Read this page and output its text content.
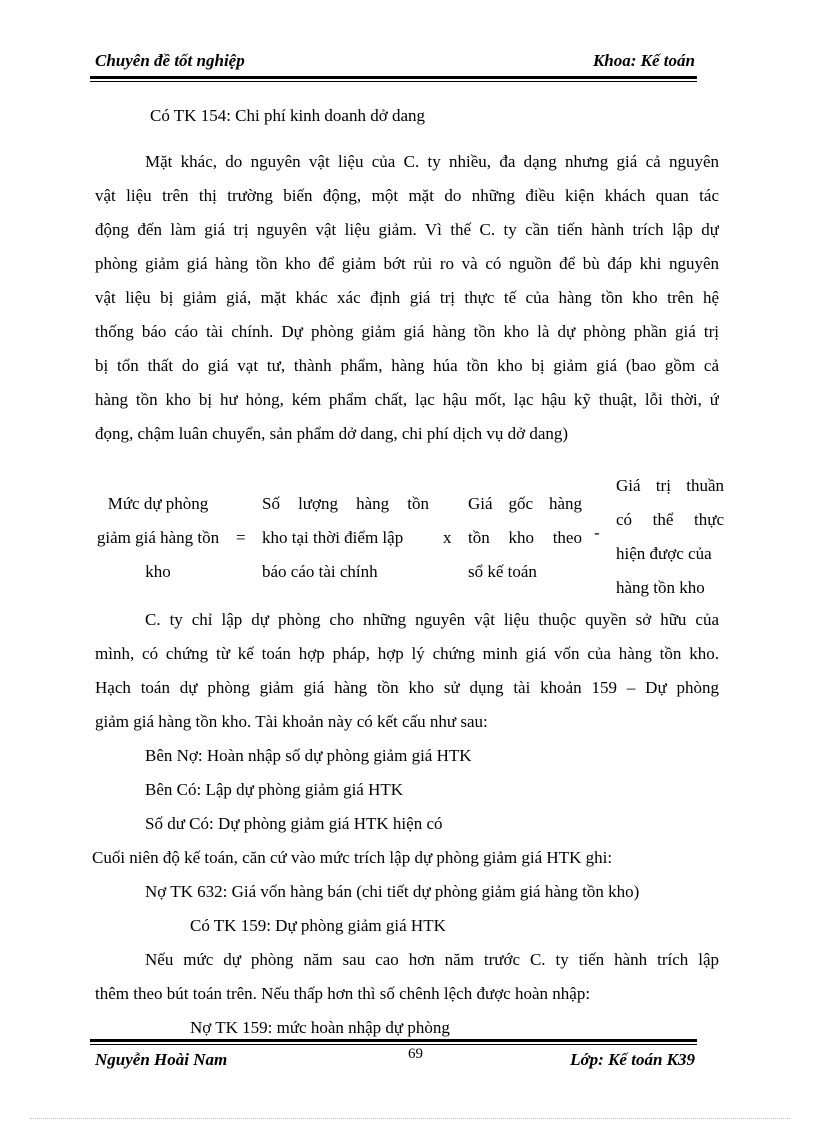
Chuyên đề tốt nghiệp	Khoa: Kế toán
Có TK 154: Chi phí kinh doanh dở dang
Mặt khác, do nguyên vật liệu của C. ty nhiều, đa dạng nhưng giá cả nguyên
vật liệu trên thị trường biến động, một mặt do những điều kiện khách quan tác
động đến làm giá trị nguyên vật liệu giảm. Vì thế C. ty cần tiến hành trích lập dự
phòng giảm giá hàng tồn kho để giảm bớt rủi ro và có nguồn để bù đáp khi nguyên
vật liệu bị giảm giá, mặt khác xác định giá trị thực tế của hàng tồn kho trên hệ
thống báo cáo tài chính. Dự phòng giảm giá hàng tồn kho là dự phòng phần giá trị
bị tổn thất do giá vạt tư, thành phẩm, hàng húa tồn kho bị giảm giá (bao gồm cả
hàng tồn kho bị hư hỏng, kém phẩm chất, lạc hậu mốt, lạc hậu kỹ thuật, lỗi thời, ứ
đọng, chậm luân chuyển, sản phẩm dở dang, chi phí dịch vụ dở dang)
C. ty chỉ lập dự phòng cho những nguyên vật liệu thuộc quyền sở hữu của
mình, có chứng từ kế toán hợp pháp, hợp lý chứng minh giá vốn của hàng tồn kho.
Hạch toán dự phòng giảm giá hàng tồn kho sử dụng tài khoản 159 – Dự phòng
giảm giá hàng tồn kho. Tài khoản này có kết cấu như sau:
Bên Nợ: Hoàn nhập số dự phòng giảm giá HTK
Bên Có: Lập dự phòng giảm giá HTK
Số dư Có: Dự phòng giảm giá HTK hiện có
Cuối niên độ kế toán, căn cứ vào mức trích lập dự phòng giảm giá HTK ghi:
Nợ TK 632: Giá vốn hàng bán (chi tiết dự phòng giảm giá hàng tồn kho)
Có TK 159: Dự phòng giảm giá HTK
Nếu mức dự phòng năm sau cao hơn năm trước C. ty tiến hành trích lập
thêm theo bút toán trên. Nếu thấp hơn thì số chênh lệch được hoàn nhập:
Nợ TK 159: mức hoàn nhập dự phòng
Mức dự phòng
giảm giá hàng tồn
kho
=
Số lượng hàng tồn
kho tại thời điểm lập
báo cáo tài chính
x
Giá gốc hàng
tồn kho theo
sổ kế toán
-
Giá trị thuần
có thể thực
hiện được của
hàng tồn kho
69
Nguyễn Hoài Nam	Lớp: Kế toán K39
